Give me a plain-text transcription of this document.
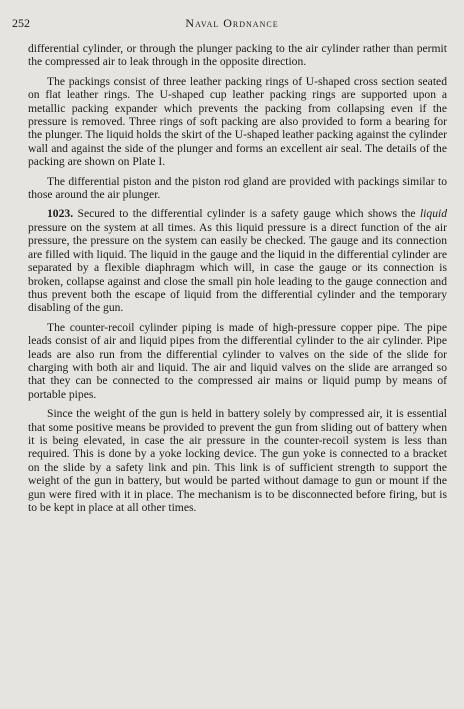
252	Naval Ordnance

differential cylinder, or through the plunger packing to the air cylinder rather than permit the compressed air to leak through in the opposite direction.

The packings consist of three leather packing rings of U-shaped cross section seated on flat leather rings. The U-shaped cup leather packing rings are supported upon a metallic packing expander which prevents the packing from collapsing even if the pressure is removed. Three rings of soft packing are also provided to form a bearing for the plunger. The liquid holds the skirt of the U-shaped leather packing against the cylinder wall and against the side of the plunger and forms an excellent air seal. The details of the packing are shown on Plate I.

The differential piston and the piston rod gland are provided with packings similar to those around the air plunger.

1023. Secured to the differential cylinder is a safety gauge which shows the liquid pressure on the system at all times. As this liquid pressure is a direct function of the air pressure, the pressure on the system can easily be checked. The gauge and its connection are filled with liquid. The liquid in the gauge and the liquid in the differential cylinder are separated by a flexible diaphragm which will, in case the gauge or its connection is broken, collapse against and close the small pin hole leading to the gauge connection and thus prevent both the escape of liquid from the differential cylinder and the temporary disabling of the gun.

The counter-recoil cylinder piping is made of high-pressure copper pipe. The pipe leads consist of air and liquid pipes from the differential cylinder to the air cylinder. Pipe leads are also run from the differential cylinder to valves on the side of the slide for charging with both air and liquid. The air and liquid valves on the slide are arranged so that they can be connected to the compressed air mains or liquid pump by means of portable pipes.

Since the weight of the gun is held in battery solely by compressed air, it is essential that some positive means be provided to prevent the gun from sliding out of battery when it is being elevated, in case the air pressure in the counter-recoil system is less than required. This is done by a yoke locking device. The gun yoke is connected to a bracket on the slide by a safety link and pin. This link is of sufficient strength to support the weight of the gun in battery, but would be parted without damage to gun or mount if the gun were fired with it in place. The mechanism is to be disconnected before firing, but is to be kept in place at all other times.
